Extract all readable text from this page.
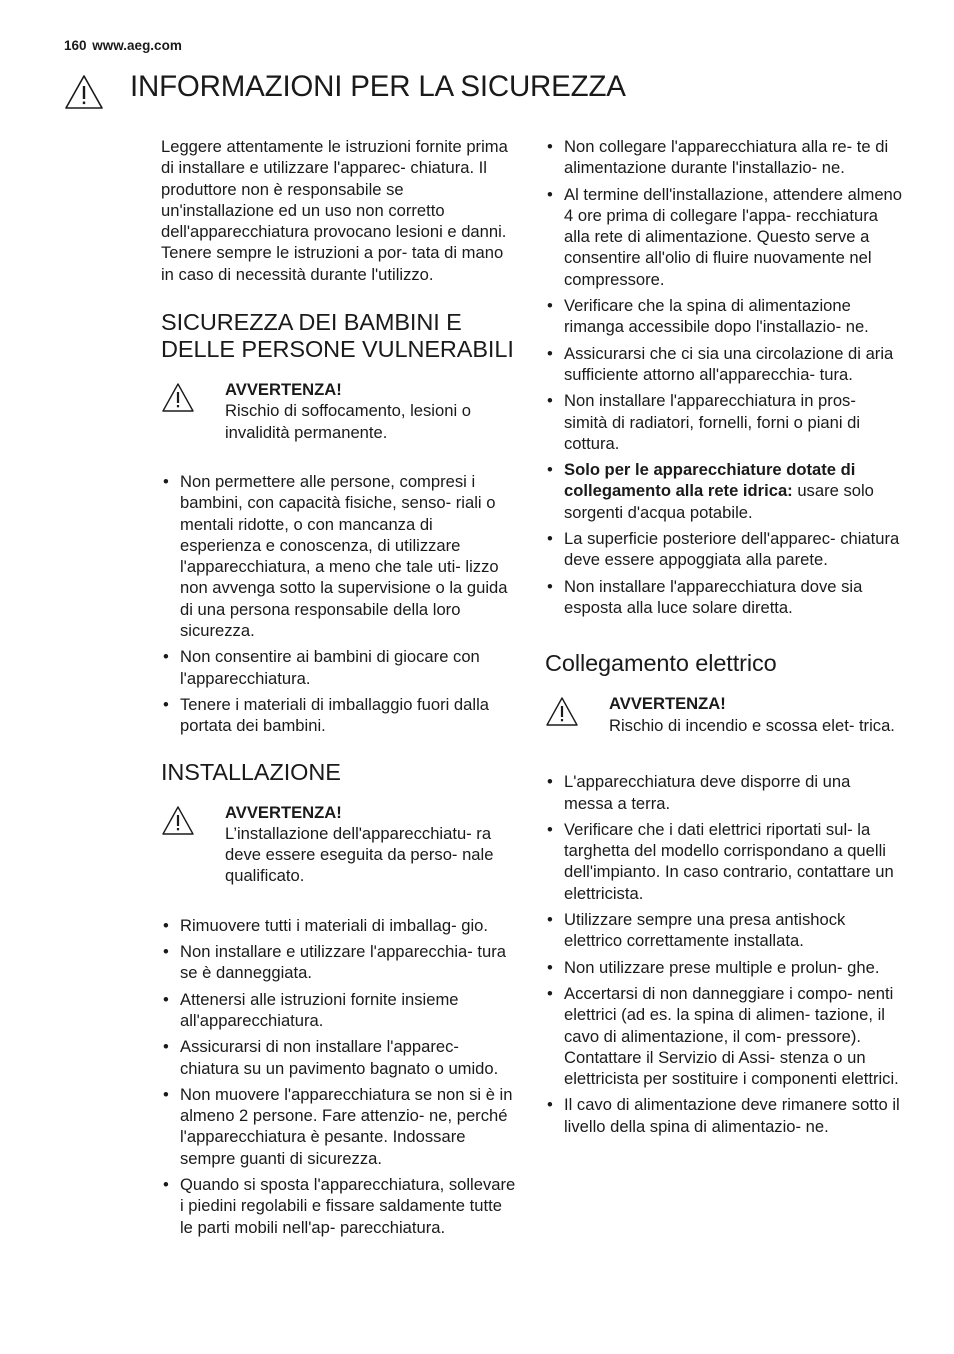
160 www.aeg.com
INFORMAZIONI PER LA SICUREZZA

Leggere attentamente le istruzioni fornite prima di installare e utilizzare l'apparec- chiatura. Il produttore non è responsabile se un'installazione ed un uso non corretto dell'apparecchiatura provocano lesioni e danni. Tenere sempre le istruzioni a por- tata di mano in caso di necessità durante l'utilizzo.

SICUREZZA DEI BAMBINI E DELLE PERSONE VULNERABILI
AVVERTENZA!
Rischio di soffocamento, lesioni o invalidità permanente.
• Non permettere alle persone, compresi i bambini, con capacità fisiche, senso- riali o mentali ridotte, o con mancanza di esperienza e conoscenza, di utilizzare l'apparecchiatura, a meno che tale uti- lizzo non avvenga sotto la supervisione o la guida di una persona responsabile della loro sicurezza.
• Non consentire ai bambini di giocare con l'apparecchiatura.
• Tenere i materiali di imballaggio fuori dalla portata dei bambini.
INSTALLAZIONE
AVVERTENZA!
L’installazione dell'apparecchiatu- ra deve essere eseguita da perso- nale qualificato.
• Rimuovere tutti i materiali di imballag- gio.
• Non installare e utilizzare l'apparecchia- tura se è danneggiata.
• Attenersi alle istruzioni fornite insieme all'apparecchiatura.
• Assicurarsi di non installare l'apparec- chiatura su un pavimento bagnato o umido.
• Non muovere l'apparecchiatura se non si è in almeno 2 persone. Fare attenzio- ne, perché l'apparecchiatura è pesante. Indossare sempre guanti di sicurezza.
• Quando si sposta l'apparecchiatura, sollevare i piedini regolabili e fissare saldamente tutte le parti mobili nell'ap- parecchiatura.
• Non collegare l'apparecchiatura alla re- te di alimentazione durante l'installazio- ne.
• Al termine dell'installazione, attendere almeno 4 ore prima di collegare l'appa- recchiatura alla rete di alimentazione. Questo serve a consentire all'olio di fluire nuovamente nel compressore.
• Verificare che la spina di alimentazione rimanga accessibile dopo l'installazio- ne.
• Assicurarsi che ci sia una circolazione di aria sufficiente attorno all'apparecchia- tura.
• Non installare l'apparecchiatura in pros- simità di radiatori, fornelli, forni o piani di cottura.
• Solo per le apparecchiature dotate di collegamento alla rete idrica: usare solo sorgenti d'acqua potabile.
• La superficie posteriore dell'apparec- chiatura deve essere appoggiata alla parete.
• Non installare l'apparecchiatura dove sia esposta alla luce solare diretta.
Collegamento elettrico
AVVERTENZA!
Rischio di incendio e scossa elet- trica.
• L'apparecchiatura deve disporre di una messa a terra.
• Verificare che i dati elettrici riportati sul- la targhetta del modello corrispondano a quelli dell'impianto. In caso contrario, contattare un elettricista.
• Utilizzare sempre una presa antishock elettrico correttamente installata.
• Non utilizzare prese multiple e prolun- ghe.
• Accertarsi di non danneggiare i compo- nenti elettrici (ad es. la spina di alimen- tazione, il cavo di alimentazione, il com- pressore). Contattare il Servizio di Assi- stenza o un elettricista per sostituire i componenti elettrici.
• Il cavo di alimentazione deve rimanere sotto il livello della spina di alimentazio- ne.
